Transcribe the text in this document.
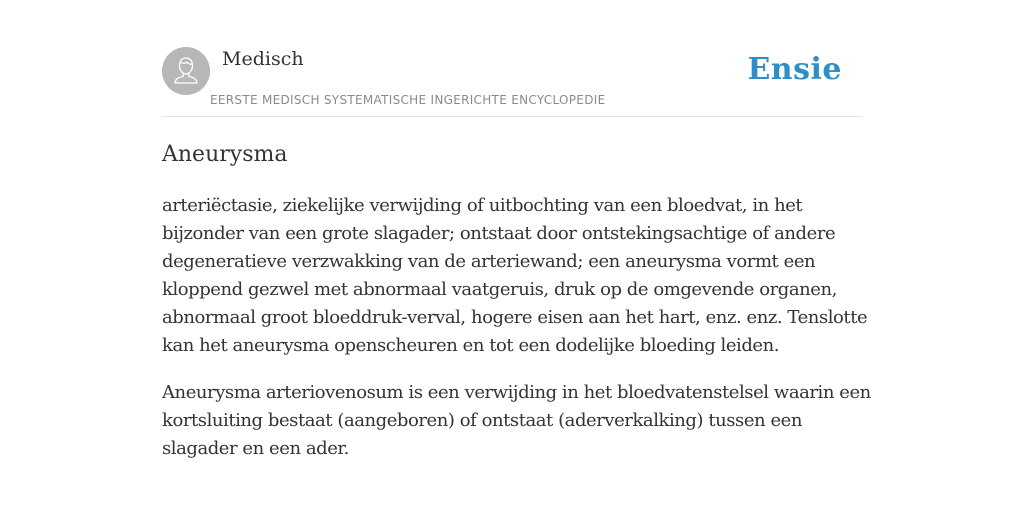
Medisch
EERSTE MEDISCH SYSTEMATISCHE INGERICHTE ENCYCLOPEDIE
Ensie
Aneurysma

arteriëctasie, ziekelijke verwijding of uitbochting van een bloedvat, in het
bijzonder van een grote slagader; ontstaat door ontstekingsachtige of andere
degeneratieve verzwakking van de arteriewand; een aneurysma vormt een
kloppend gezwel met abnormaal vaatgeruis, druk op de omgevende organen,
abnormaal groot bloeddruk-verval, hogere eisen aan het hart, enz. enz. Tenslotte
kan het aneurysma openscheuren en tot een dodelijke bloeding leiden.

Aneurysma arteriovenosum is een verwijding in het bloedvatenstelsel waarin een
kortsluiting bestaat (aangeboren) of ontstaat (aderverkalking) tussen een
slagader en een ader.
